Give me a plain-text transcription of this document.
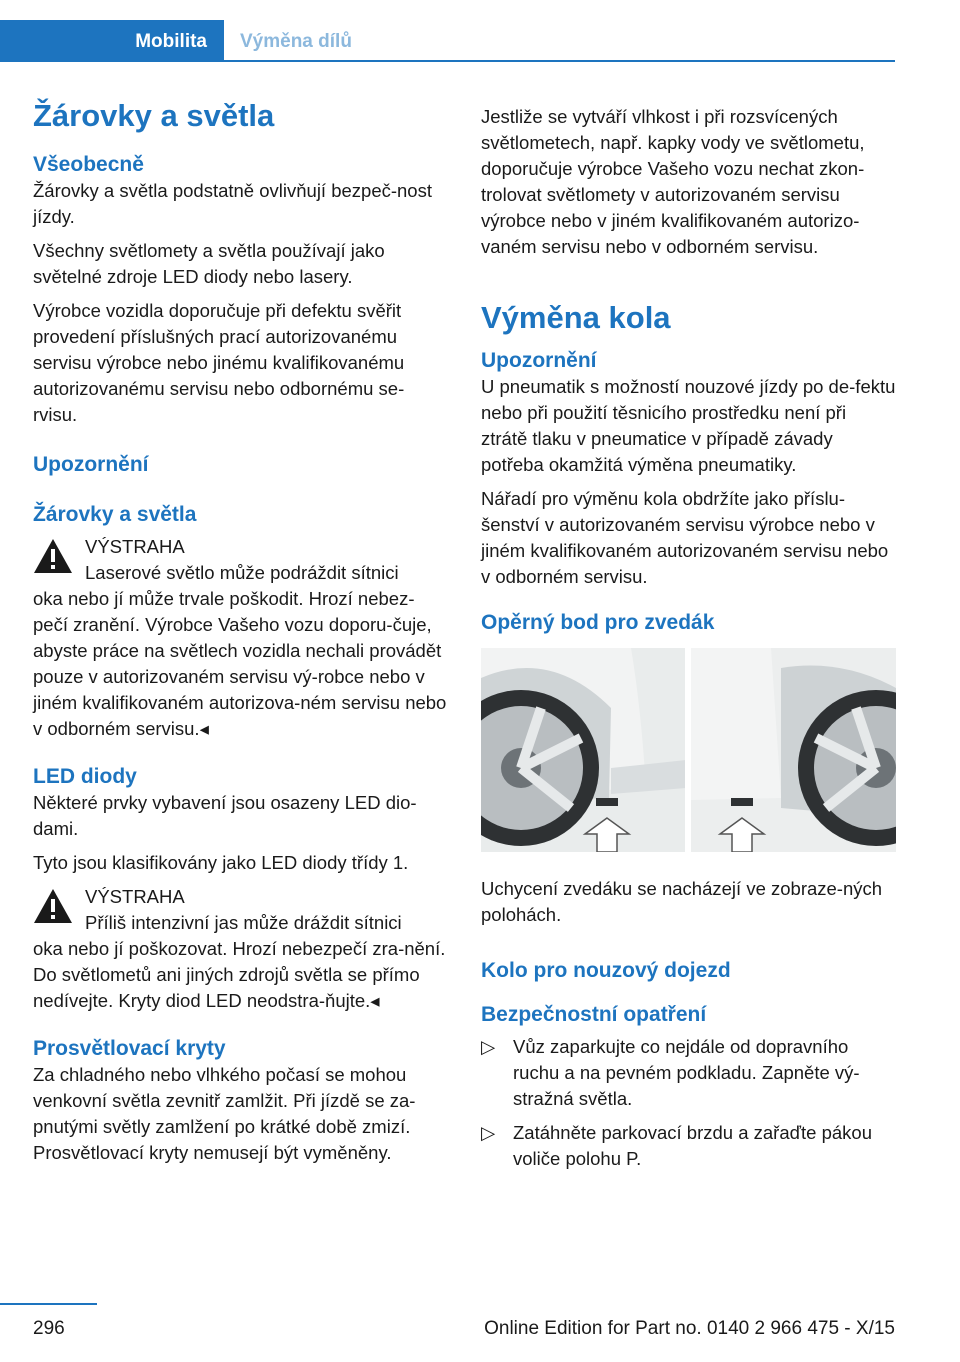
Mobilita	Výměna dílů
Žárovky a světla
Všeobecně

Žárovky a světla podstatně ovlivňují bezpeč-nost jízdy.

Všechny světlomety a světla používají jako světelné zdroje LED diody nebo lasery.

Výrobce vozidla doporučuje při defektu svěřit provedení příslušných prací autorizovanému servisu výrobce nebo jinému kvalifikovanému autorizovanému servisu nebo odbornému se-rvisu.

Upozornění
Žárovky a světla
VÝSTRAHA
Laserové světlo může podráždit sítnici

oka nebo jí může trvale poškodit. Hrozí nebez-pečí zranění. Výrobce Vašeho vozu doporu-čuje, abyste práce na světlech vozidla nechali provádět pouze v autorizovaném servisu vý-robce nebo v jiném kvalifikovaném autorizova-ném servisu nebo v odborném servisu.◂

LED diody

Některé prvky vybavení jsou osazeny LED dio-dami.

Tyto jsou klasifikovány jako LED diody třídy 1.

VÝSTRAHA
Příliš intenzivní jas může dráždit sítnici

oka nebo jí poškozovat. Hrozí nebezpečí zra-nění. Do světlometů ani jiných zdrojů světla se přímo nedívejte. Kryty diod LED neodstra-ňujte.◂

Prosvětlovací kryty

Za chladného nebo vlhkého počasí se mohou venkovní světla zevnitř zamlžit. Při jízdě se za-pnutými světly zamlžení po krátké době zmizí. Prosvětlovací kryty nemusejí být vyměněny.

Jestliže se vytváří vlhkost i při rozsvícených světlometech, např. kapky vody ve světlometu, doporučuje výrobce Vašeho vozu nechat zkon-trolovat světlomety v autorizovaném servisu výrobce nebo v jiném kvalifikovaném autorizo-vaném servisu nebo v odborném servisu.

Výměna kola
Upozornění

U pneumatik s možností nouzové jízdy po de-fektu nebo při použití těsnicího prostředku není při ztrátě tlaku v pneumatice v případě závady potřeba okamžitá výměna pneumatiky.

Nářadí pro výměnu kola obdržíte jako příslu-šenství v autorizovaném servisu výrobce nebo v jiném kvalifikovaném autorizovaném servisu nebo v odborném servisu.

Opěrný bod pro zvedák

Uchycení zvedáku se nacházejí ve zobraze-ných polohách.

Kolo pro nouzový dojezd
Bezpečnostní opatření
▷ Vůz zaparkujte co nejdále od dopravního ruchu a na pevném podkladu. Zapněte vý-stražná světla.
▷ Zatáhněte parkovací brzdu a zařaďte pákou voliče polohu P.
296	Online Edition for Part no. 0140 2 966 475 - X/15
